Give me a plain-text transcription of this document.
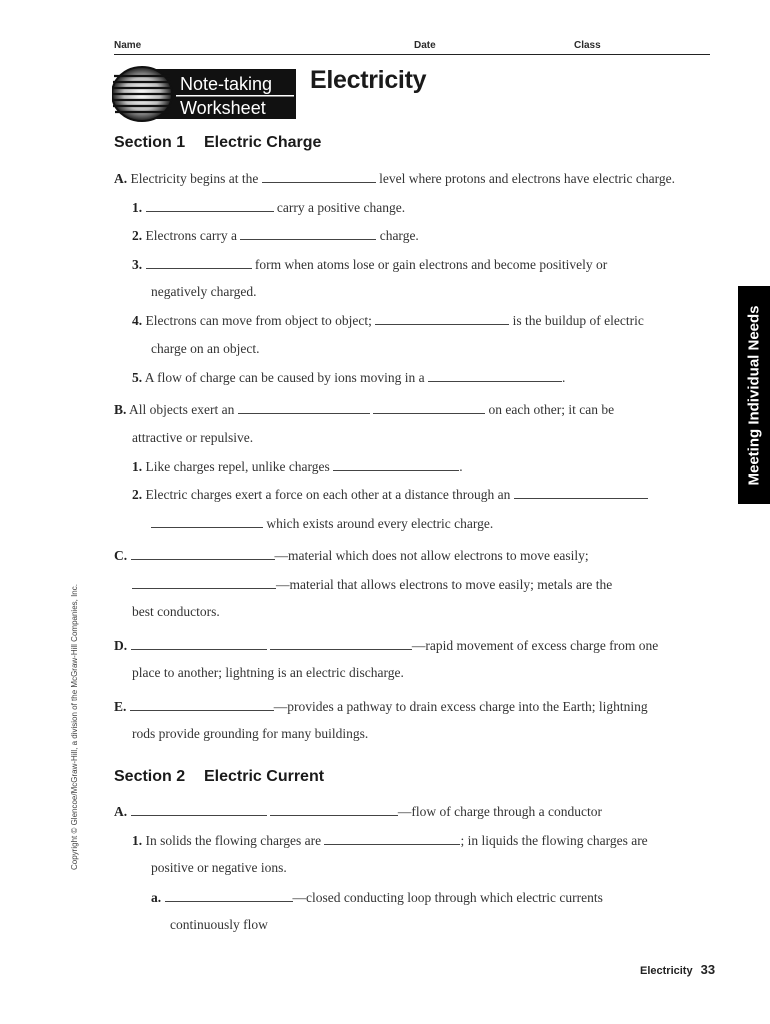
Name	Date	Class
Note-taking
Worksheet
Electricity
Section 1 Electric Charge
A. Electricity begins at the	level where protons and electrons have electric charge.
1.	carry a positive change.
2. Electrons carry a	charge.
3.	form when atoms lose or gain electrons and become positively or
negatively charged.
4. Electrons can move from object to object;	is the buildup of electric
charge on an object.
5. A flow of charge can be caused by ions moving in a	.
B. All objects exert an	on each other; it can be
attractive or repulsive.
1. Like charges repel, unlike charges	.
2. Electric charges exert a force on each other at a distance through an
which exists around every electric charge.
C.	—material which does not allow electrons to move easily;
—material that allows electrons to move easily; metals are the
best conductors.
D.	—rapid movement of excess charge from one
place to another; lightning is an electric discharge.
E.	—provides a pathway to drain excess charge into the Earth; lightning
rods provide grounding for many buildings.
Section 2 Electric Current
A.	—flow of charge through a conductor
1. In solids the flowing charges are	; in liquids the flowing charges are
positive or negative ions.
a.	—closed conducting loop through which electric currents
continuously flow
Meeting Individual Needs
Copyright © Glencoe/McGraw-Hill, a division of the McGraw-Hill Companies, Inc.
Electricity 33
